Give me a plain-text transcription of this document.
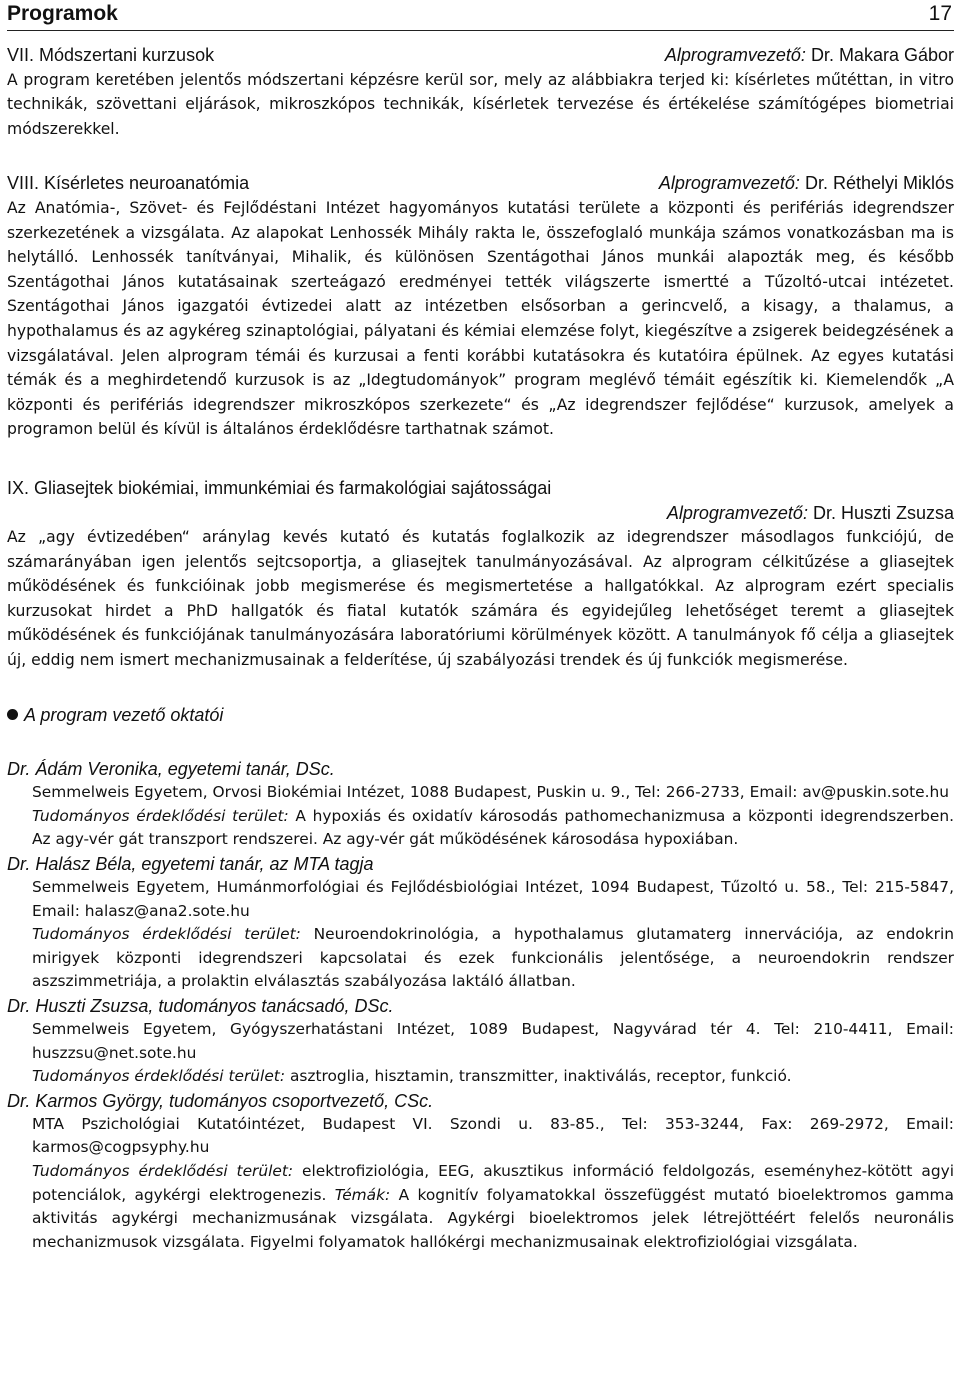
Programok	17
VII. Módszertani kurzusok	Alprogramvezető: Dr. Makara Gábor

A program keretében jelentős módszertani képzésre kerül sor, mely az alábbiakra terjed ki: kísérletes műtéttan, in vitro technikák, szövettani eljárások, mikroszkópos technikák, kísérletek tervezése és értékelése számítógépes biometriai módszerekkel.

VIII. Kísérletes neuroanatómia	Alprogramvezető: Dr. Réthelyi Miklós

Az Anatómia-, Szövet- és Fejlődéstani Intézet hagyományos kutatási területe a központi és perifériás idegrendszer szerkezetének a vizsgálata. Az alapokat Lenhossék Mihály rakta le, összefoglaló munkája számos vonatkozásban ma is helytálló. Lenhossék tanítványai, Mihalik, és különösen Szentágothai János munkái alapozták meg, és később Szentágothai János kutatásainak szerteágazó eredményei tették világszerte ismertté a Tűzoltó-utcai intézetet. Szentágothai János igazgatói évtizedei alatt az intézetben elsősorban a gerincvelő, a kisagy, a thalamus, a hypothalamus és az agykéreg szinaptológiai, pályatani és kémiai elemzése folyt, kiegészítve a zsigerek beidegzésének a vizsgálatával. Jelen alprogram témái és kurzusai a fenti korábbi kutatásokra és kutatóira épülnek. Az egyes kutatási témák és a meghirdetendő kurzusok is az „Idegtudományok” program meglévő témáit egészítik ki. Kiemelendők „A központi és perifériás idegrendszer mikroszkópos szerkezete“ és „Az idegrendszer fejlődése“ kurzusok, amelyek a programon belül és kívül is általános érdeklődésre tarthatnak számot.

IX. Gliasejtek biokémiai, immunkémiai és farmakológiai sajátosságai
Alprogramvezető: Dr. Huszti Zsuzsa

Az „agy évtizedében“ aránylag kevés kutató és kutatás foglalkozik az idegrendszer másodlagos funkciójú, de számarányában igen jelentős sejtcsoportja, a gliasejtek tanulmányozásával. Az alprogram célkitűzése a gliasejtek működésének és funkcióinak jobb megismerése és megismertetése a hallgatókkal. Az alprogram ezért specialis kurzusokat hirdet a PhD hallgatók és fiatal kutatók számára és egyidejűleg lehetőséget teremt a gliasejtek működésének és funkciójának tanulmányozására laboratóriumi körülmények között. A tanulmányok fő célja a gliasejtek új, eddig nem ismert mechanizmusainak a felderítése, új szabályozási trendek és új funkciók megismerése.

A program vezető oktatói
Dr. Ádám Veronika, egyetemi tanár, DSc.
Semmelweis Egyetem, Orvosi Biokémiai Intézet, 1088 Budapest, Puskin u. 9., Tel: 266-2733, Email: av@puskin.sote.hu
Tudományos érdeklődési terület: A hypoxiás és oxidatív károsodás pathomechanizmusa a központi idegrendszerben. Az agy-vér gát transzport rendszerei. Az agy-vér gát működésének károsodása hypoxiában.
Dr. Halász Béla, egyetemi tanár, az MTA tagja
Semmelweis Egyetem, Humánmorfológiai és Fejlődésbiológiai Intézet, 1094 Budapest, Tűzoltó u. 58., Tel: 215-5847, Email: halasz@ana2.sote.hu
Tudományos érdeklődési terület: Neuroendokrinológia, a hypothalamus glutamaterg innervációja, az endokrin mirigyek központi idegrendszeri kapcsolatai és ezek funkcionális jelentősége, a neuroendokrin rendszer aszszimmetriája, a prolaktin elválasztás szabályozása laktáló állatban.
Dr. Huszti Zsuzsa, tudományos tanácsadó, DSc.
Semmelweis Egyetem, Gyógyszerhatástani Intézet, 1089 Budapest, Nagyvárad tér 4. Tel: 210-4411, Email: huszzsu@net.sote.hu
Tudományos érdeklődési terület: asztroglia, hisztamin, transzmitter, inaktiválás, receptor, funkció.
Dr. Karmos György, tudományos csoportvezető, CSc.
MTA Pszichológiai Kutatóintézet, Budapest VI. Szondi u. 83-85., Tel: 353-3244, Fax: 269-2972, Email: karmos@cogpsyphy.hu
Tudományos érdeklődési terület: elektrofiziológia, EEG, akusztikus információ feldolgozás, eseményhez-kötött agyi potenciálok, agykérgi elektrogenezis. Témák: A kognitív folyamatokkal összefüggést mutató bioelektromos gamma aktivitás agykérgi mechanizmusának vizsgálata. Agykérgi bioelektromos jelek létrejöttéért felelős neuronális mechanizmusok vizsgálata. Figyelmi folyamatok hallókérgi mechanizmusainak elektrofiziológiai vizsgálata.
